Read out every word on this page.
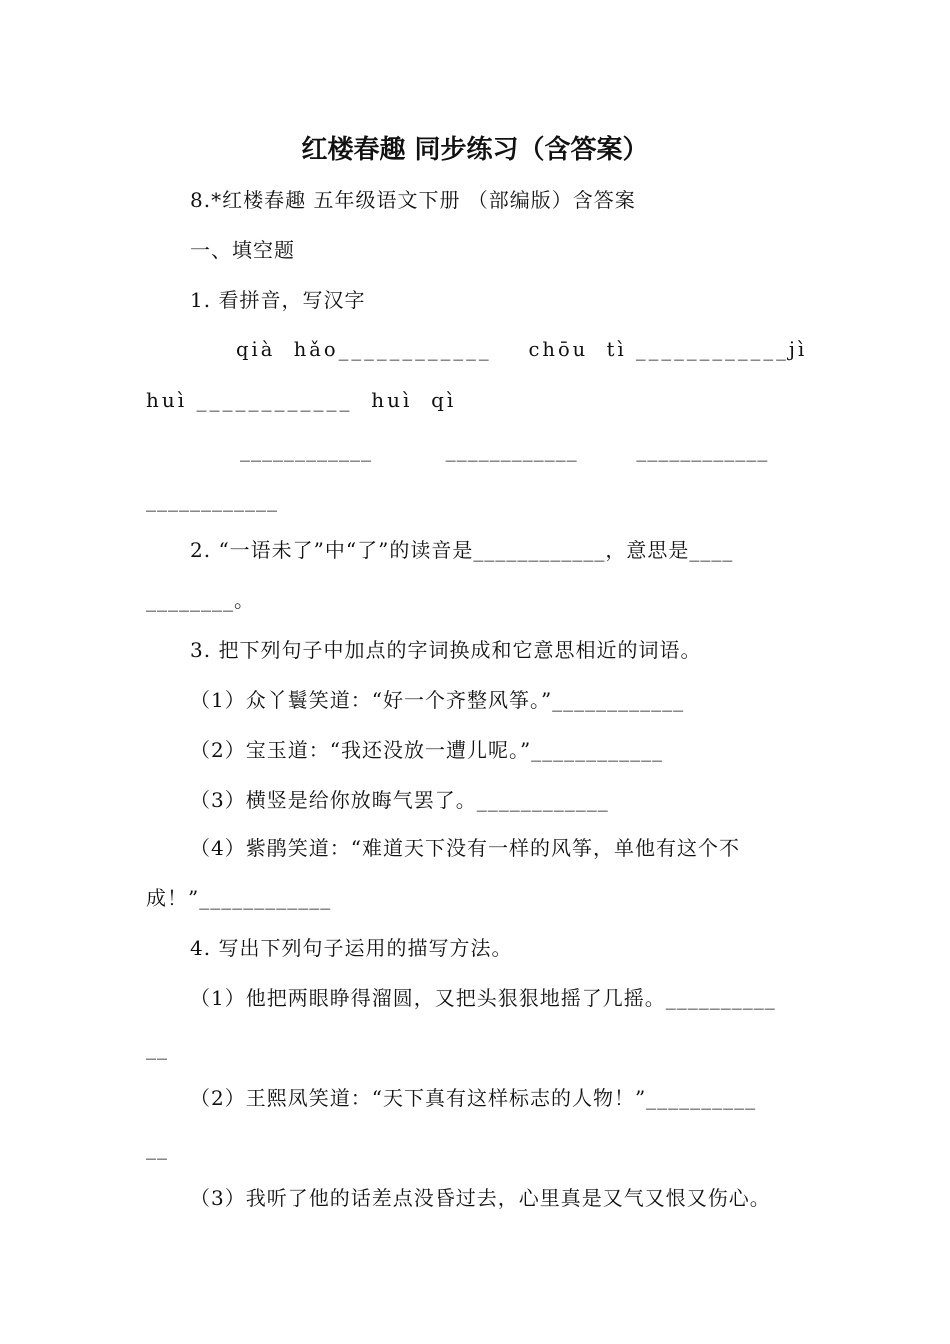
红楼春趣 同步练习（含答案）
8.*红楼春趣 五年级语文下册 （部编版）含答案
一、填空题
1. 看拼音，写汉字
qià  hǎo____________    chōu  tì ____________jì
huì ____________  huì  qì
____________          ____________        ____________
____________
2. “一语未了”中“了”的读音是____________，意思是____
________。
3. 把下列句子中加点的字词换成和它意思相近的词语。
（1）众丫鬟笑道：“好一个齐整风筝。”____________
（2）宝玉道：“我还没放一遭儿呢。”____________
（3）横竖是给你放晦气罢了。____________
（4）紫鹃笑道：“难道天下没有一样的风筝，单他有这个不
成！”____________
4. 写出下列句子运用的描写方法。
（1）他把两眼睁得溜圆，又把头狠狠地摇了几摇。__________
__
（2）王熙凤笑道：“天下真有这样标志的人物！”__________
__
（3）我听了他的话差点没昏过去，心里真是又气又恨又伤心。
